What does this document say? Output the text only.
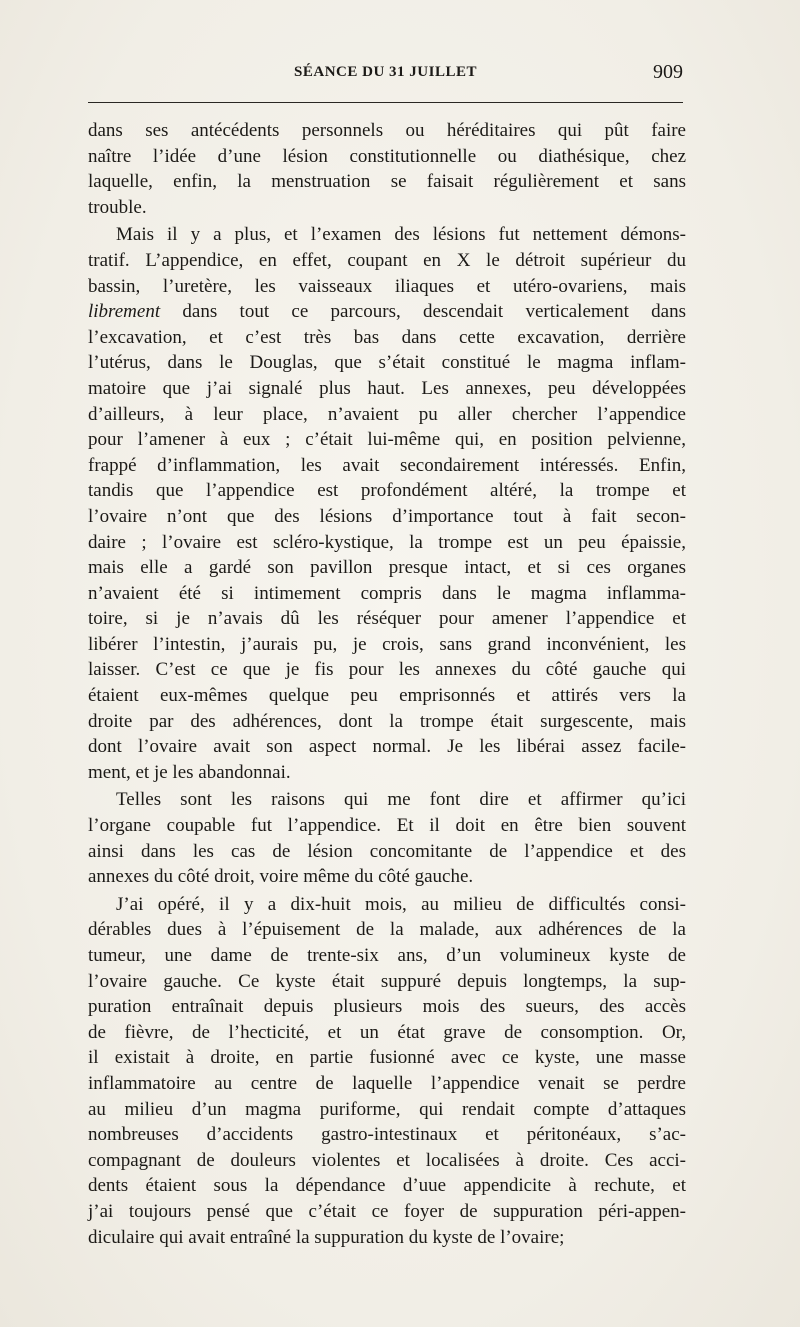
SÉANCE DU 31 JUILLET	909
dans ses antécédents personnels ou héréditaires qui pût faire
naître l’idée d’une lésion constitutionnelle ou diathésique, chez
laquelle, enfin, la menstruation se faisait régulièrement et sans
trouble.
Mais il y a plus, et l’examen des lésions fut nettement démons-
tratif. L’appendice, en effet, coupant en X le détroit supérieur du
bassin, l’uretère, les vaisseaux iliaques et utéro-ovariens, mais
librement dans tout ce parcours, descendait verticalement dans
l’excavation, et c’est très bas dans cette excavation, derrière
l’utérus, dans le Douglas, que s’était constitué le magma inflam-
matoire que j’ai signalé plus haut. Les annexes, peu développées
d’ailleurs, à leur place, n’avaient pu aller chercher l’appendice
pour l’amener à eux ; c’était lui-même qui, en position pelvienne,
frappé d’inflammation, les avait secondairement intéressés. Enfin,
tandis que l’appendice est profondément altéré, la trompe et
l’ovaire n’ont que des lésions d’importance tout à fait secon-
daire ; l’ovaire est scléro-kystique, la trompe est un peu épaissie,
mais elle a gardé son pavillon presque intact, et si ces organes
n’avaient été si intimement compris dans le magma inflamma-
toire, si je n’avais dû les réséquer pour amener l’appendice et
libérer l’intestin, j’aurais pu, je crois, sans grand inconvénient, les
laisser. C’est ce que je fis pour les annexes du côté gauche qui
étaient eux-mêmes quelque peu emprisonnés et attirés vers la
droite par des adhérences, dont la trompe était surgescente, mais
dont l’ovaire avait son aspect normal. Je les libérai assez facile-
ment, et je les abandonnai.
Telles sont les raisons qui me font dire et affirmer qu’ici
l’organe coupable fut l’appendice. Et il doit en être bien souvent
ainsi dans les cas de lésion concomitante de l’appendice et des
annexes du côté droit, voire même du côté gauche.
J’ai opéré, il y a dix-huit mois, au milieu de difficultés consi-
dérables dues à l’épuisement de la malade, aux adhérences de la
tumeur, une dame de trente-six ans, d’un volumineux kyste de
l’ovaire gauche. Ce kyste était suppuré depuis longtemps, la sup-
puration entraînait depuis plusieurs mois des sueurs, des accès
de fièvre, de l’hecticité, et un état grave de consomption. Or,
il existait à droite, en partie fusionné avec ce kyste, une masse
inflammatoire au centre de laquelle l’appendice venait se perdre
au milieu d’un magma puriforme, qui rendait compte d’attaques
nombreuses d’accidents gastro-intestinaux et péritonéaux, s’ac-
compagnant de douleurs violentes et localisées à droite. Ces acci-
dents étaient sous la dépendance d’uue appendicite à rechute, et
j’ai toujours pensé que c’était ce foyer de suppuration péri-appen-
diculaire qui avait entraîné la suppuration du kyste de l’ovaire;
